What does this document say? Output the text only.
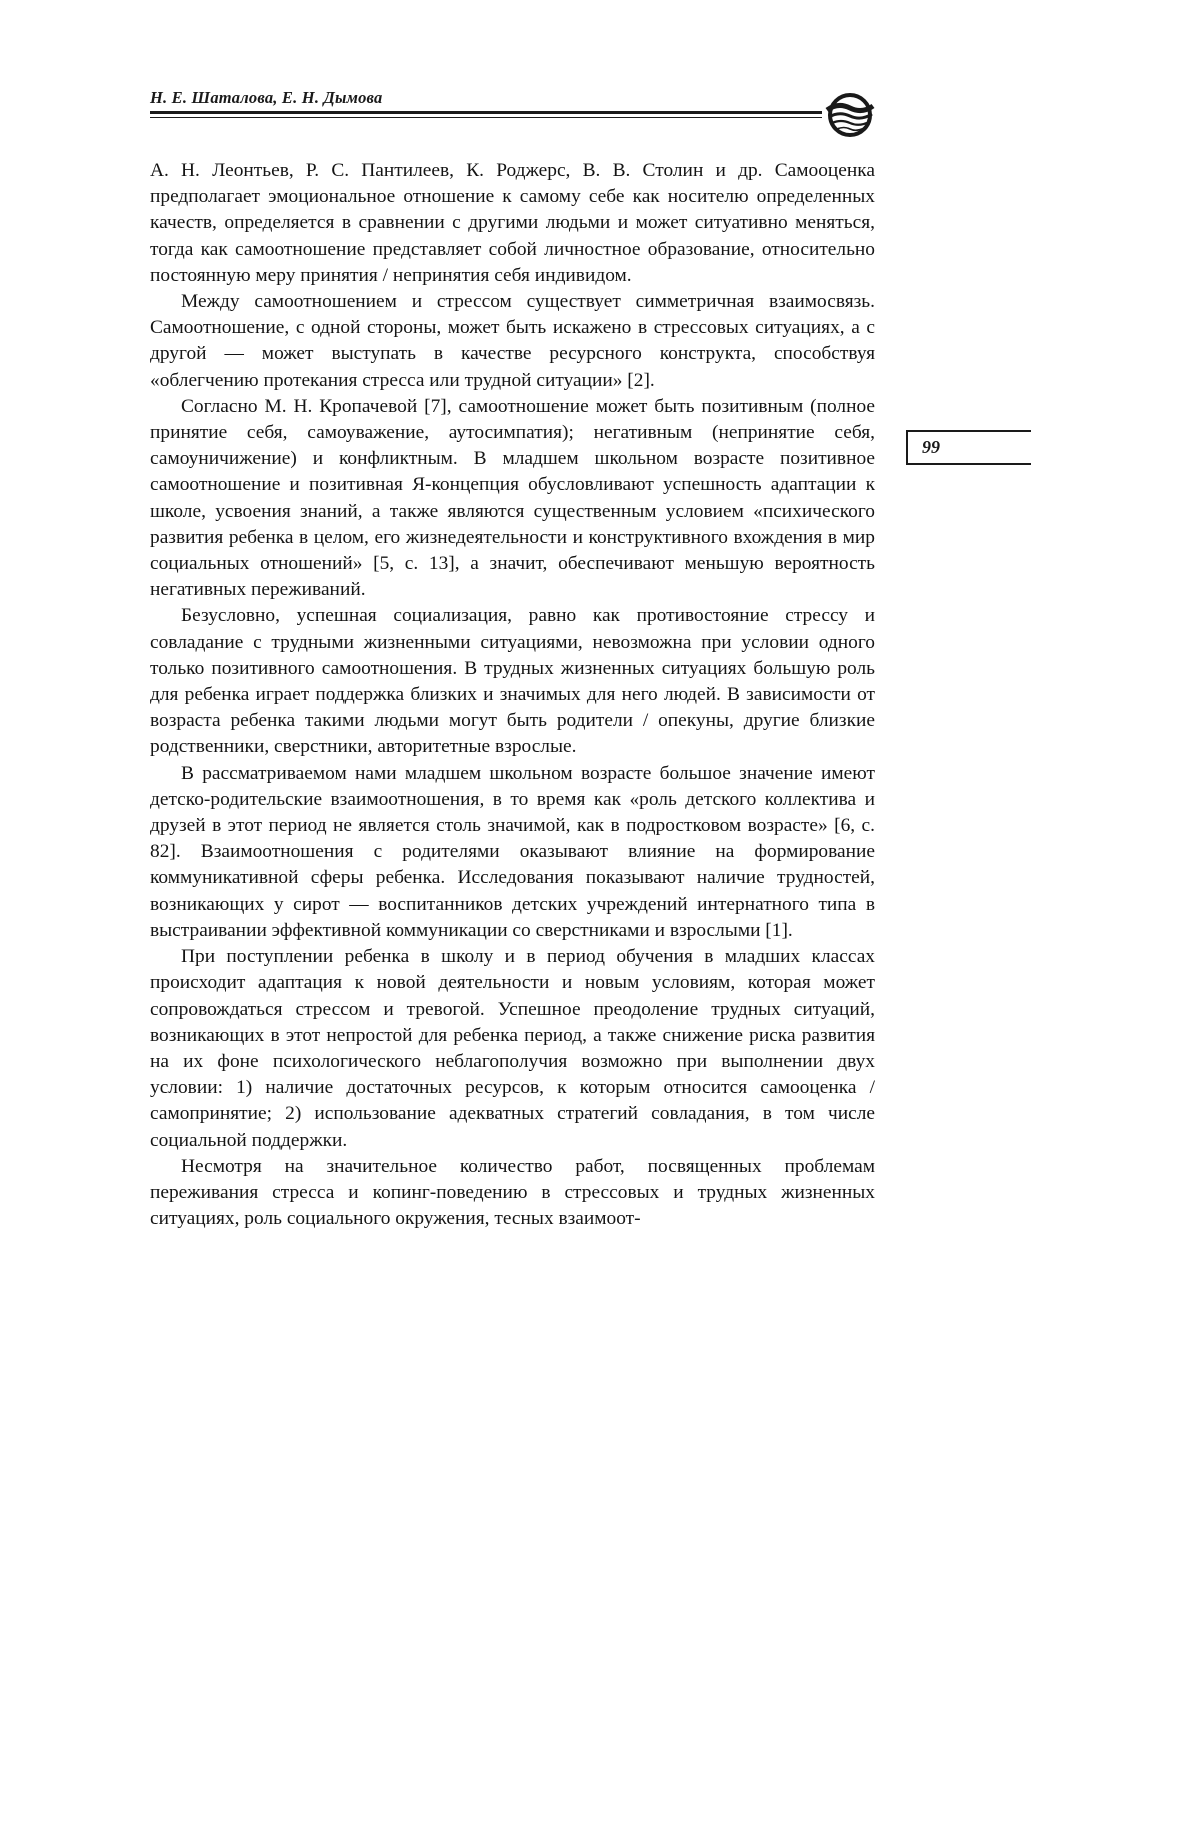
Н. Е. Шаталова, Е. Н. Дымова
99

А. Н. Леонтьев, Р. С. Пантилеев, К. Роджерс, В. В. Столин и др. Самооценка предполагает эмоциональное отношение к самому себе как носителю определенных качеств, определяется в сравнении с другими людьми и может ситуативно меняться, тогда как самоотношение представляет собой личностное образование, относительно постоянную меру принятия / непринятия себя индивидом.

Между самоотношением и стрессом существует симметричная взаимосвязь. Самоотношение, с одной стороны, может быть искажено в стрессовых ситуациях, а с другой — может выступать в качестве ресурсного конструкта, способствуя «облегчению протекания стресса или трудной ситуации» [2].

Согласно М. Н. Кропачевой [7], самоотношение может быть позитивным (полное принятие себя, самоуважение, аутосимпатия); негативным (непринятие себя, самоуничижение) и конфликтным. В младшем школьном возрасте позитивное самоотношение и позитивная Я-концепция обусловливают успешность адаптации к школе, усвоения знаний, а также являются существенным условием «психического развития ребенка в целом, его жизнедеятельности и конструктивного вхождения в мир социальных отношений» [5, с. 13], а значит, обеспечивают меньшую вероятность негативных переживаний.

Безусловно, успешная социализация, равно как противостояние стрессу и совладание с трудными жизненными ситуациями, невозможна при условии одного только позитивного самоотношения. В трудных жизненных ситуациях большую роль для ребенка играет поддержка близких и значимых для него людей. В зависимости от возраста ребенка такими людьми могут быть родители / опекуны, другие близкие родственники, сверстники, авторитетные взрослые.

В рассматриваемом нами младшем школьном возрасте большое значение имеют детско-родительские взаимоотношения, в то время как «роль детского коллектива и друзей в этот период не является столь значимой, как в подростковом возрасте» [6, с. 82]. Взаимоотношения с родителями оказывают влияние на формирование коммуникативной сферы ребенка. Исследования показывают наличие трудностей, возникающих у сирот — воспитанников детских учреждений интернатного типа в выстраивании эффективной коммуникации со сверстниками и взрослыми [1].

При поступлении ребенка в школу и в период обучения в младших классах происходит адаптация к новой деятельности и новым условиям, которая может сопровождаться стрессом и тревогой. Успешное преодоление трудных ситуаций, возникающих в этот непростой для ребенка период, а также снижение риска развития на их фоне психологического неблагополучия возможно при выполнении двух условии: 1) наличие достаточных ресурсов, к которым относится самооценка / самопринятие; 2) использование адекватных стратегий совладания, в том числе социальной поддержки.

Несмотря на значительное количество работ, посвященных проблемам переживания стресса и копинг-поведению в стрессовых и трудных жизненных ситуациях, роль социального окружения, тесных взаимоот-
